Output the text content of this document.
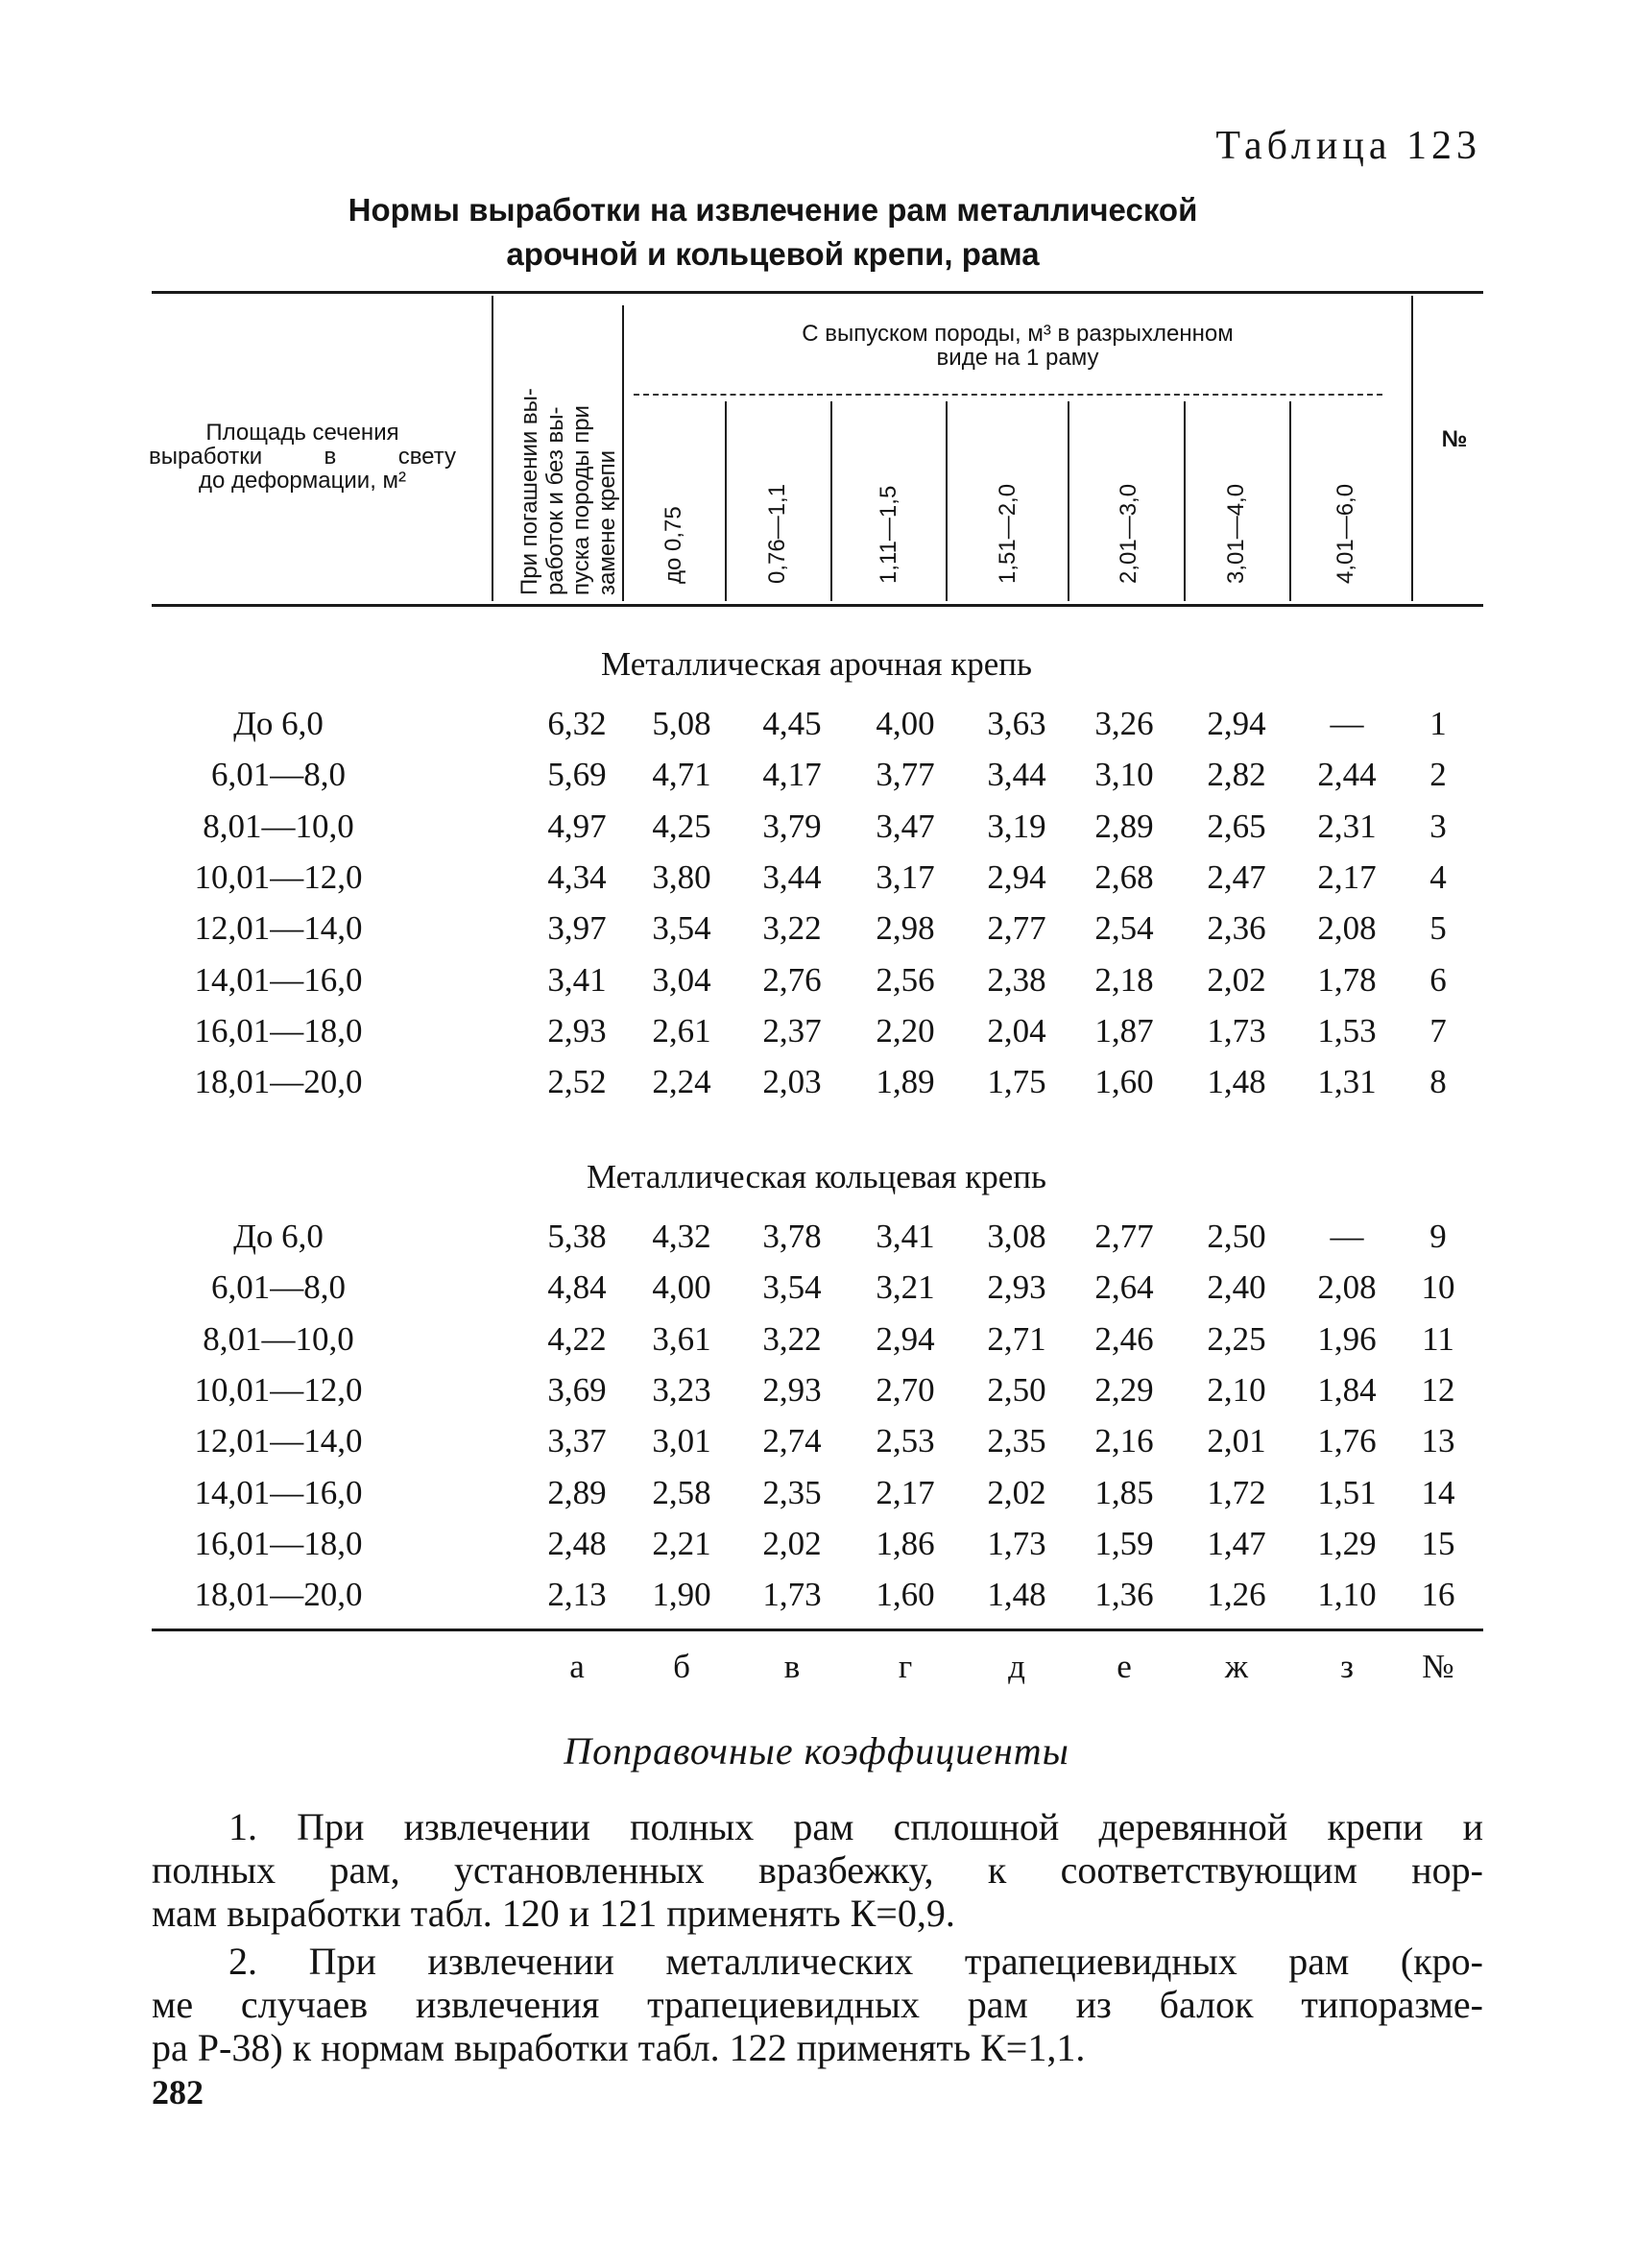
Таблица 123
Нормы выработки на извлечение рам металлической
арочной и кольцевой крепи, рама
Площадь сечения
выработки в свету
до деформации, м²	При погашении вы- работок и без вы- пуска породы при замене крепи
С выпуском породы, м³ в разрыхленном
виде на 1 раму
до 0,75	0,76—1,1	1,11—1,5	1,51—2,0	2,01—3,0	3,01—4,0	4,01—6,0
№
Металлическая арочная крепь
До 6,0	6,32	5,08	4,45	4,00	3,63	3,26	2,94	—	1
6,01—8,0	5,69	4,71	4,17	3,77	3,44	3,10	2,82	2,44	2
8,01—10,0	4,97	4,25	3,79	3,47	3,19	2,89	2,65	2,31	3
10,01—12,0	4,34	3,80	3,44	3,17	2,94	2,68	2,47	2,17	4
12,01—14,0	3,97	3,54	3,22	2,98	2,77	2,54	2,36	2,08	5
14,01—16,0	3,41	3,04	2,76	2,56	2,38	2,18	2,02	1,78	6
16,01—18,0	2,93	2,61	2,37	2,20	2,04	1,87	1,73	1,53	7
18,01—20,0	2,52	2,24	2,03	1,89	1,75	1,60	1,48	1,31	8
Металлическая кольцевая крепь
До 6,0	5,38	4,32	3,78	3,41	3,08	2,77	2,50	—	9
6,01—8,0	4,84	4,00	3,54	3,21	2,93	2,64	2,40	2,08	10
8,01—10,0	4,22	3,61	3,22	2,94	2,71	2,46	2,25	1,96	11
10,01—12,0	3,69	3,23	2,93	2,70	2,50	2,29	2,10	1,84	12
12,01—14,0	3,37	3,01	2,74	2,53	2,35	2,16	2,01	1,76	13
14,01—16,0	2,89	2,58	2,35	2,17	2,02	1,85	1,72	1,51	14
16,01—18,0	2,48	2,21	2,02	1,86	1,73	1,59	1,47	1,29	15
18,01—20,0	2,13	1,90	1,73	1,60	1,48	1,36	1,26	1,10	16
а	б	в	г	д	е	ж	з	№
Поправочные коэффициенты
1. При извлечении полных рам сплошной деревянной крепи и
полных рам, установленных вразбежку, к соответствующим нор-
мам выработки табл. 120 и 121 применять К=0,9.
2. При извлечении металлических трапециевидных рам (кро-
ме случаев извлечения трапециевидных рам из балок типоразме-
ра Р-38) к нормам выработки табл. 122 применять К=1,1.
282
